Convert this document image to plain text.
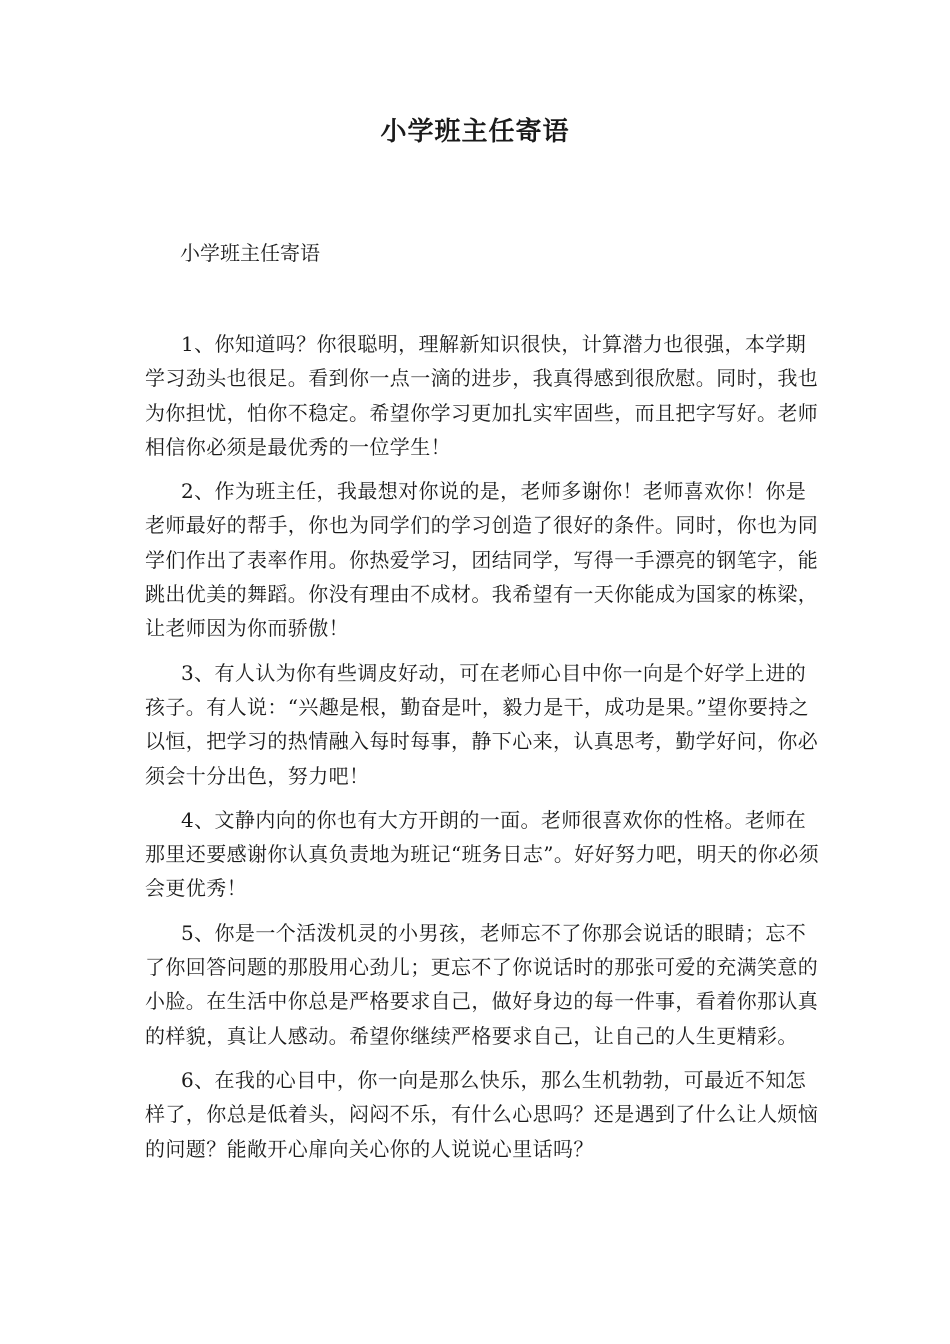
小学班主任寄语

小学班主任寄语

1、你知道吗？你很聪明，理解新知识很快，计算潜力也很强，本学期学习劲头也很足。看到你一点一滴的进步，我真得感到很欣慰。同时，我也为你担忧，怕你不稳定。希望你学习更加扎实牢固些，而且把字写好。老师相信你必须是最优秀的一位学生！

2、作为班主任，我最想对你说的是，老师多谢你！老师喜欢你！你是老师最好的帮手，你也为同学们的学习创造了很好的条件。同时，你也为同学们作出了表率作用。你热爱学习，团结同学，写得一手漂亮的钢笔字，能跳出优美的舞蹈。你没有理由不成材。我希望有一天你能成为国家的栋梁，让老师因为你而骄傲！

3、有人认为你有些调皮好动，可在老师心目中你一向是个好学上进的孩子。有人说：“兴趣是根，勤奋是叶，毅力是干，成功是果。”望你要持之以恒，把学习的热情融入每时每事，静下心来，认真思考，勤学好问，你必须会十分出色，努力吧！

4、文静内向的你也有大方开朗的一面。老师很喜欢你的性格。老师在那里还要感谢你认真负责地为班记“班务日志”。好好努力吧，明天的你必须会更优秀！

5、你是一个活泼机灵的小男孩，老师忘不了你那会说话的眼睛；忘不了你回答问题的那股用心劲儿；更忘不了你说话时的那张可爱的充满笑意的小脸。在生活中你总是严格要求自己，做好身边的每一件事，看着你那认真的样貌，真让人感动。希望你继续严格要求自己，让自己的人生更精彩。

6、在我的心目中，你一向是那么快乐，那么生机勃勃，可最近不知怎样了，你总是低着头，闷闷不乐，有什么心思吗？还是遇到了什么让人烦恼的问题？能敞开心扉向关心你的人说说心里话吗？
